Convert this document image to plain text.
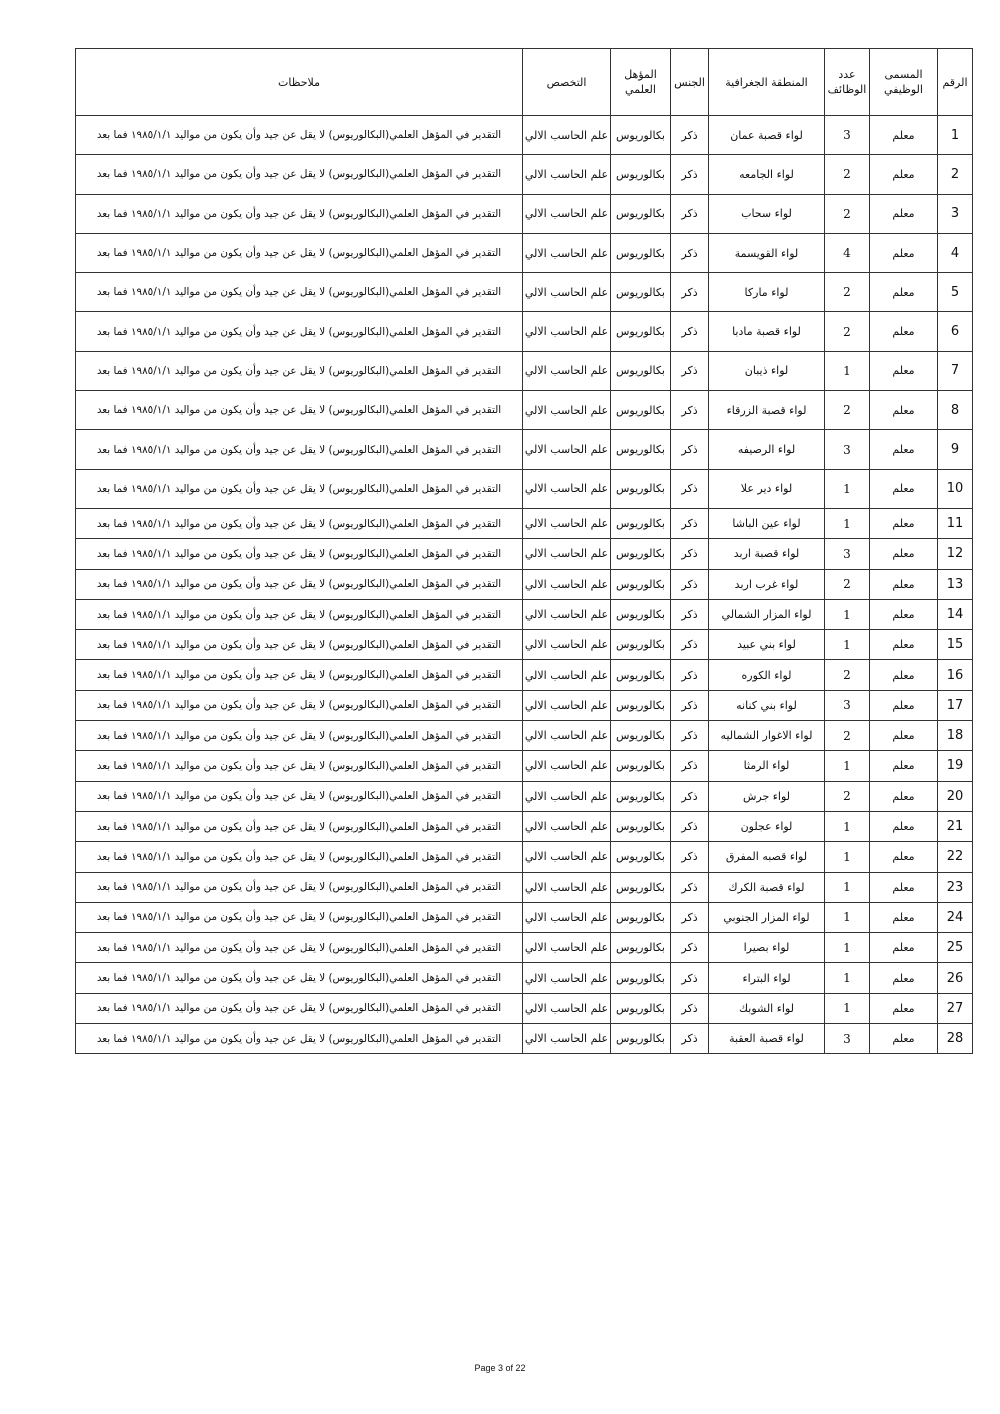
الرقم	المسمى الوظيفي	عدد الوظائف	المنطقة الجغرافية	الجنس	المؤهل العلمي	التخصص	ملاحظات
1	معلم	3	لواء قصبة عمان	ذكر	بكالوريوس	علم الحاسب الالي	التقدير في المؤهل العلمي(البكالوريوس) لا يقل عن جيد وأن يكون من مواليد ١٩٨٥/١/١ فما بعد
2	معلم	2	لواء الجامعه	ذكر	بكالوريوس	علم الحاسب الالي	التقدير في المؤهل العلمي(البكالوريوس) لا يقل عن جيد وأن يكون من مواليد ١٩٨٥/١/١ فما بعد
3	معلم	2	لواء سحاب	ذكر	بكالوريوس	علم الحاسب الالي	التقدير في المؤهل العلمي(البكالوريوس) لا يقل عن جيد وأن يكون من مواليد ١٩٨٥/١/١ فما بعد
4	معلم	4	لواء القويسمة	ذكر	بكالوريوس	علم الحاسب الالي	التقدير في المؤهل العلمي(البكالوريوس) لا يقل عن جيد وأن يكون من مواليد ١٩٨٥/١/١ فما بعد
5	معلم	2	لواء ماركا	ذكر	بكالوريوس	علم الحاسب الالي	التقدير في المؤهل العلمي(البكالوريوس) لا يقل عن جيد وأن يكون من مواليد ١٩٨٥/١/١ فما بعد
6	معلم	2	لواء قصبة مادبا	ذكر	بكالوريوس	علم الحاسب الالي	التقدير في المؤهل العلمي(البكالوريوس) لا يقل عن جيد وأن يكون من مواليد ١٩٨٥/١/١ فما بعد
7	معلم	1	لواء ذيبان	ذكر	بكالوريوس	علم الحاسب الالي	التقدير في المؤهل العلمي(البكالوريوس) لا يقل عن جيد وأن يكون من مواليد ١٩٨٥/١/١ فما بعد
8	معلم	2	لواء قصبة الزرقاء	ذكر	بكالوريوس	علم الحاسب الالي	التقدير في المؤهل العلمي(البكالوريوس) لا يقل عن جيد وأن يكون من مواليد ١٩٨٥/١/١ فما بعد
9	معلم	3	لواء الرصيفه	ذكر	بكالوريوس	علم الحاسب الالي	التقدير في المؤهل العلمي(البكالوريوس) لا يقل عن جيد وأن يكون من مواليد ١٩٨٥/١/١ فما بعد
10	معلم	1	لواء دير علا	ذكر	بكالوريوس	علم الحاسب الالي	التقدير في المؤهل العلمي(البكالوريوس) لا يقل عن جيد وأن يكون من مواليد ١٩٨٥/١/١ فما بعد
11	معلم	1	لواء عين الباشا	ذكر	بكالوريوس	علم الحاسب الالي	التقدير في المؤهل العلمي(البكالوريوس) لا يقل عن جيد وأن يكون من مواليد ١٩٨٥/١/١ فما بعد
12	معلم	3	لواء قصبة اربد	ذكر	بكالوريوس	علم الحاسب الالي	التقدير في المؤهل العلمي(البكالوريوس) لا يقل عن جيد وأن يكون من مواليد ١٩٨٥/١/١ فما بعد
13	معلم	2	لواء غرب اربد	ذكر	بكالوريوس	علم الحاسب الالي	التقدير في المؤهل العلمي(البكالوريوس) لا يقل عن جيد وأن يكون من مواليد ١٩٨٥/١/١ فما بعد
14	معلم	1	لواء المزار الشمالي	ذكر	بكالوريوس	علم الحاسب الالي	التقدير في المؤهل العلمي(البكالوريوس) لا يقل عن جيد وأن يكون من مواليد ١٩٨٥/١/١ فما بعد
15	معلم	1	لواء بني عبيد	ذكر	بكالوريوس	علم الحاسب الالي	التقدير في المؤهل العلمي(البكالوريوس) لا يقل عن جيد وأن يكون من مواليد ١٩٨٥/١/١ فما بعد
16	معلم	2	لواء الكوره	ذكر	بكالوريوس	علم الحاسب الالي	التقدير في المؤهل العلمي(البكالوريوس) لا يقل عن جيد وأن يكون من مواليد ١٩٨٥/١/١ فما بعد
17	معلم	3	لواء بني كنانه	ذكر	بكالوريوس	علم الحاسب الالي	التقدير في المؤهل العلمي(البكالوريوس) لا يقل عن جيد وأن يكون من مواليد ١٩٨٥/١/١ فما بعد
18	معلم	2	لواء الاغوار الشماليه	ذكر	بكالوريوس	علم الحاسب الالي	التقدير في المؤهل العلمي(البكالوريوس) لا يقل عن جيد وأن يكون من مواليد ١٩٨٥/١/١ فما بعد
19	معلم	1	لواء الرمثا	ذكر	بكالوريوس	علم الحاسب الالي	التقدير في المؤهل العلمي(البكالوريوس) لا يقل عن جيد وأن يكون من مواليد ١٩٨٥/١/١ فما بعد
20	معلم	2	لواء جرش	ذكر	بكالوريوس	علم الحاسب الالي	التقدير في المؤهل العلمي(البكالوريوس) لا يقل عن جيد وأن يكون من مواليد ١٩٨٥/١/١ فما بعد
21	معلم	1	لواء عجلون	ذكر	بكالوريوس	علم الحاسب الالي	التقدير في المؤهل العلمي(البكالوريوس) لا يقل عن جيد وأن يكون من مواليد ١٩٨٥/١/١ فما بعد
22	معلم	1	لواء قصبه المفرق	ذكر	بكالوريوس	علم الحاسب الالي	التقدير في المؤهل العلمي(البكالوريوس) لا يقل عن جيد وأن يكون من مواليد ١٩٨٥/١/١ فما بعد
23	معلم	1	لواء قصبة الكرك	ذكر	بكالوريوس	علم الحاسب الالي	التقدير في المؤهل العلمي(البكالوريوس) لا يقل عن جيد وأن يكون من مواليد ١٩٨٥/١/١ فما بعد
24	معلم	1	لواء المزار الجنوبي	ذكر	بكالوريوس	علم الحاسب الالي	التقدير في المؤهل العلمي(البكالوريوس) لا يقل عن جيد وأن يكون من مواليد ١٩٨٥/١/١ فما بعد
25	معلم	1	لواء بصيرا	ذكر	بكالوريوس	علم الحاسب الالي	التقدير في المؤهل العلمي(البكالوريوس) لا يقل عن جيد وأن يكون من مواليد ١٩٨٥/١/١ فما بعد
26	معلم	1	لواء البتراء	ذكر	بكالوريوس	علم الحاسب الالي	التقدير في المؤهل العلمي(البكالوريوس) لا يقل عن جيد وأن يكون من مواليد ١٩٨٥/١/١ فما بعد
27	معلم	1	لواء الشوبك	ذكر	بكالوريوس	علم الحاسب الالي	التقدير في المؤهل العلمي(البكالوريوس) لا يقل عن جيد وأن يكون من مواليد ١٩٨٥/١/١ فما بعد
28	معلم	3	لواء قصبة العقبة	ذكر	بكالوريوس	علم الحاسب الالي	التقدير في المؤهل العلمي(البكالوريوس) لا يقل عن جيد وأن يكون من مواليد ١٩٨٥/١/١ فما بعد
Page 3 of 22
